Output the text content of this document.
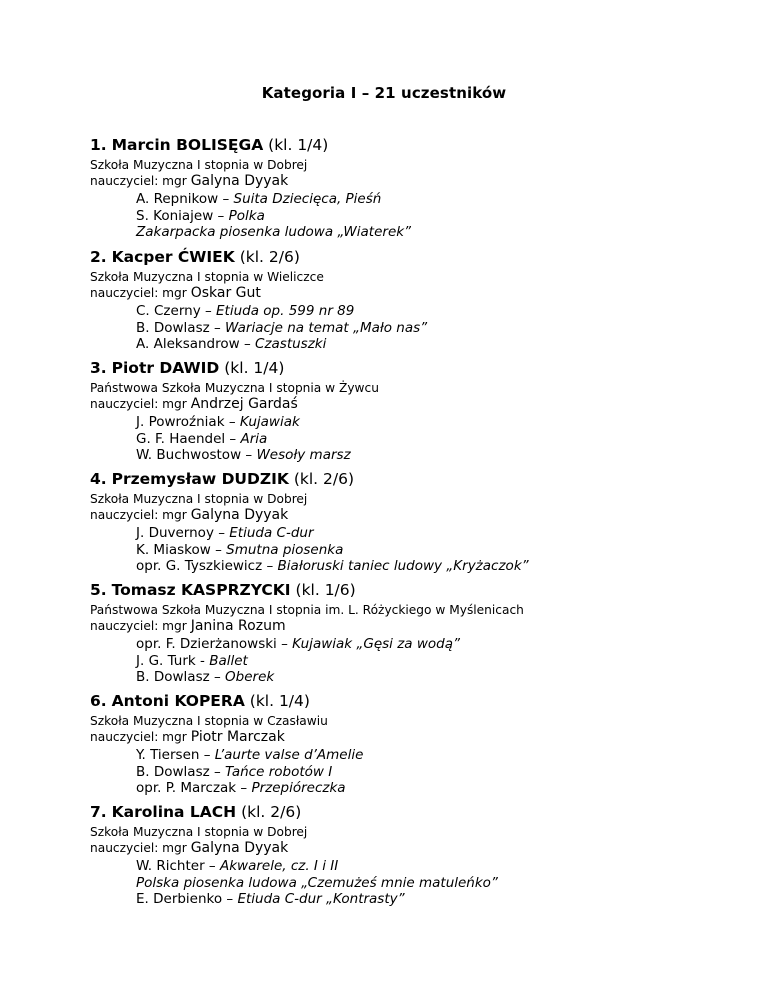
Kategoria I – 21 uczestników
1. Marcin BOLISĘGA (kl. 1/4)
Szkoła Muzyczna I stopnia w Dobrej
nauczyciel: mgr Galyna Dyyak
A. Repnikow – Suita Dziecięca, Pieśń
S. Koniajew – Polka
Zakarpacka piosenka ludowa „Wiaterek”
2. Kacper ĆWIEK (kl. 2/6)
Szkoła Muzyczna I stopnia w Wieliczce
nauczyciel: mgr Oskar Gut
C. Czerny – Etiuda op. 599 nr 89
B. Dowlasz – Wariacje na temat „Mało nas”
A. Aleksandrow – Czastuszki
3. Piotr DAWID (kl. 1/4)
Państwowa Szkoła Muzyczna I stopnia w Żywcu
nauczyciel: mgr Andrzej Gardaś
J. Powroźniak – Kujawiak
G. F. Haendel – Aria
W. Buchwostow – Wesoły marsz
4. Przemysław DUDZIK (kl. 2/6)
Szkoła Muzyczna I stopnia w Dobrej
nauczyciel: mgr Galyna Dyyak
J. Duvernoy – Etiuda C-dur
K. Miaskow – Smutna piosenka
opr. G. Tyszkiewicz – Białoruski taniec ludowy „Kryżaczok”
5. Tomasz KASPRZYCKI (kl. 1/6)
Państwowa Szkoła Muzyczna I stopnia im. L. Różyckiego w Myślenicach
nauczyciel: mgr Janina Rozum
opr. F. Dzierżanowski – Kujawiak „Gęsi za wodą”
J. G. Turk - Ballet
B. Dowlasz – Oberek
6. Antoni KOPERA (kl. 1/4)
Szkoła Muzyczna I stopnia w Czasławiu
nauczyciel: mgr Piotr Marczak
Y. Tiersen – L’aurte valse d’Amelie
B. Dowlasz – Tańce robotów I
opr. P. Marczak – Przepióreczka
7. Karolina LACH (kl. 2/6)
Szkoła Muzyczna I stopnia w Dobrej
nauczyciel: mgr Galyna Dyyak
W. Richter – Akwarele, cz. I i II
Polska piosenka ludowa „Czemużeś mnie matuleńko”
E. Derbienko – Etiuda C-dur „Kontrasty”
